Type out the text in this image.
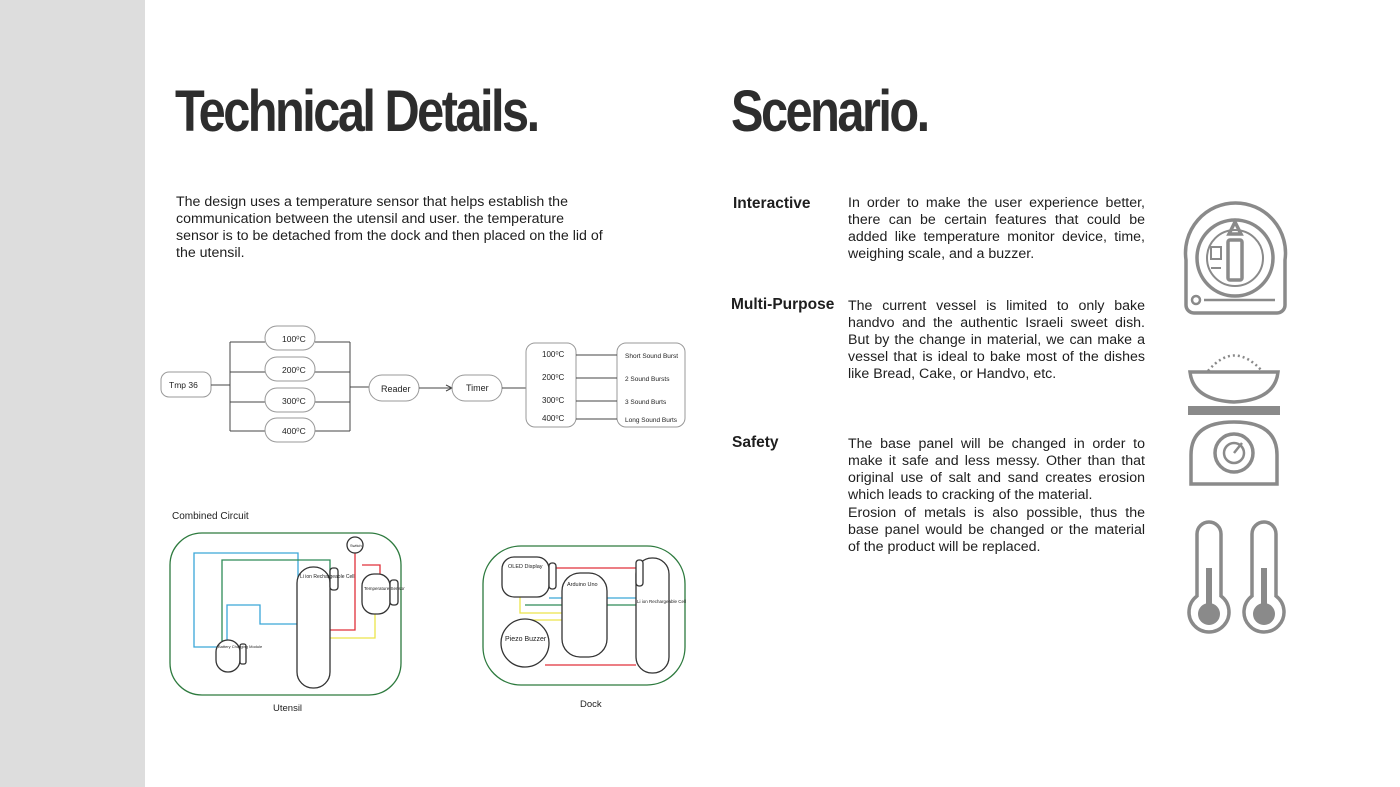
Technical Details.	Scenario.

The design uses a temperature sensor that helps establish the communication between the utensil and user. the temperature sensor is to be detached from the dock and then placed on the lid of the utensil.

Interactive	In order to make the user experience better, there can be certain features that could be added like temperature monitor device, time, weighing scale, and a buzzer.
Multi-Purpose The current vessel is limited to only bake handvo and the authentic Israeli sweet dish. But by the change in material, we can make a vessel that is ideal to bake most of the dishes like Bread, Cake, or Handvo, etc.
Safety	The base panel will be changed in order to make it safe and less messy. Other than that original use of salt and sand creates erosion which leads to cracking of the material.
Erosion of metals is also possible, thus the base panel would be changed or the material of the product will be replaced.
Tmp 36
100⁰C
200⁰C
300⁰C
400⁰C
Reader	Timer
100⁰C
200⁰C
300⁰C
400⁰C
Short Sound Burst
2 Sound Bursts
3 Sound Burts
Long Sound Burts
Combined Circuit
Switch
Li ion Rechargeable Cell
Temperature Sensor
Battery Charging Module
Utensil
OLED Display
Arduino Uno
Li ion Rechargeable Cell
Piezo Buzzer
Dock
